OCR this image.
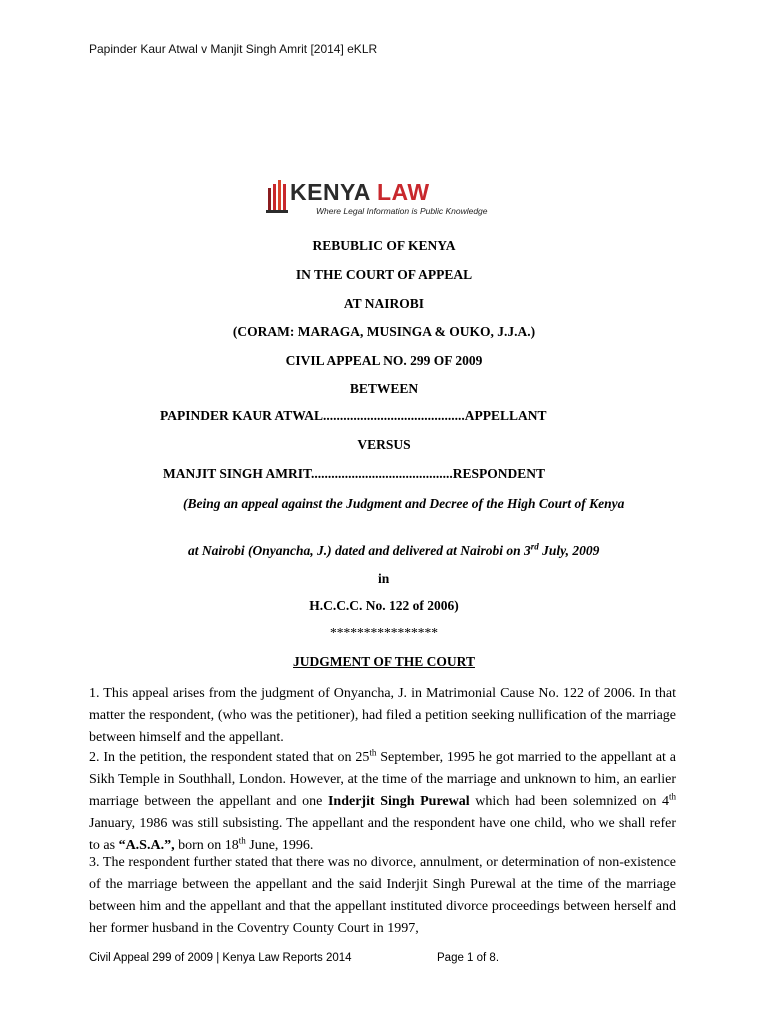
Papinder Kaur Atwal v Manjit Singh Amrit [2014] eKLR
KENYA LAW
Where Legal Information is Public Knowledge
REBUBLIC OF KENYA
IN THE COURT OF APPEAL
AT NAIROBI
(CORAM: MARAGA, MUSINGA & OUKO, J.J.A.)
CIVIL APPEAL NO. 299 OF 2009
BETWEEN
PAPINDER KAUR ATWAL..........................................APPELLANT
VERSUS
MANJIT SINGH AMRIT..........................................RESPONDENT
(Being an appeal against the Judgment and Decree of the High Court of Kenya
at Nairobi (Onyancha, J.) dated and delivered at Nairobi on 3rd July, 2009
in
H.C.C.C. No. 122 of 2006)
****************
JUDGMENT OF THE COURT

1. This appeal arises from the judgment of Onyancha, J. in Matrimonial Cause No. 122 of 2006. In that matter the respondent, (who was the petitioner), had filed a petition seeking nullification of the marriage between himself and the appellant.

2. In the petition, the respondent stated that on 25th September, 1995 he got married to the appellant at a Sikh Temple in Southhall, London. However, at the time of the marriage and unknown to him, an earlier marriage between the appellant and one Inderjit Singh Purewal which had been solemnized on 4th January, 1986 was still subsisting. The appellant and the respondent have one child, who we shall refer to as “A.S.A.”, born on 18th June, 1996.

3. The respondent further stated that there was no divorce, annulment, or determination of non-existence of the marriage between the appellant and the said Inderjit Singh Purewal at the time of the marriage between him and the appellant and that the appellant instituted divorce proceedings between herself and her former husband in the Coventry County Court in 1997,

Civil Appeal 299 of 2009 | Kenya Law Reports 2014	Page 1 of 8.
